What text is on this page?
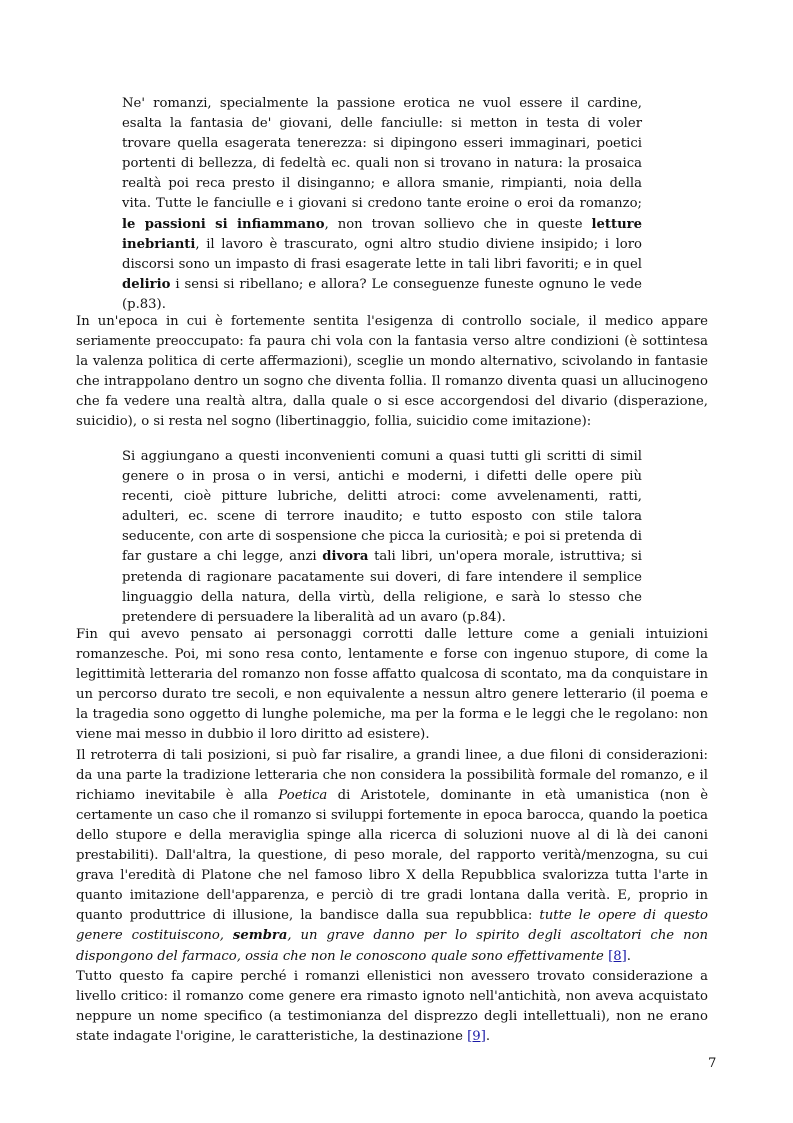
Ne' romanzi, specialmente la passione erotica ne vuol essere il cardine, esalta la fantasia de' giovani, delle fanciulle: si metton in testa di voler trovare quella esagerata tenerezza: si dipingono esseri immaginari, poetici portenti di bellezza, di fedeltà ec. quali non si trovano in natura: la prosaica realtà poi reca presto il disinganno; e allora smanie, rimpianti, noia della vita. Tutte le fanciulle e i giovani si credono tante eroine o eroi da romanzo; le passioni si infiammano, non trovan sollievo che in queste letture inebrianti, il lavoro è trascurato, ogni altro studio diviene insipido; i loro discorsi sono un impasto di frasi esagerate lette in tali libri favoriti; e in quel delirio i sensi si ribellano; e allora? Le conseguenze funeste ognuno le vede (p.83).

In un'epoca in cui è fortemente sentita l'esigenza di controllo sociale, il medico appare seriamente preoccupato: fa paura chi vola con la fantasia verso altre condizioni (è sottintesa la valenza politica di certe affermazioni), sceglie un mondo alternativo, scivolando in fantasie che intrappolano dentro un sogno che diventa follia. Il romanzo diventa quasi un allucinogeno che fa vedere una realtà altra, dalla quale o si esce accorgendosi del divario (disperazione, suicidio), o si resta nel sogno (libertinaggio, follia, suicidio come imitazione):

Si aggiungano a questi inconvenienti comuni a quasi tutti gli scritti di simil genere o in prosa o in versi, antichi e moderni, i difetti delle opere più recenti, cioè pitture lubriche, delitti atroci: come avvelenamenti, ratti, adulteri, ec. scene di terrore inaudito; e tutto esposto con stile talora seducente, con arte di sospensione che picca la curiosità; e poi si pretenda di far gustare a chi legge, anzi divora tali libri, un'opera morale, istruttiva; si pretenda di ragionare pacatamente sui doveri, di fare intendere il semplice linguaggio della natura, della virtù, della religione, e sarà lo stesso che pretendere di persuadere la liberalità ad un avaro (p.84).

Fin qui avevo pensato ai personaggi corrotti dalle letture come a geniali intuizioni romanzesche. Poi, mi sono resa conto, lentamente e forse con ingenuo stupore, di come la legittimità letteraria del romanzo non fosse affatto qualcosa di scontato, ma da conquistare in un percorso durato tre secoli, e non equivalente a nessun altro genere letterario (il poema e la tragedia sono oggetto di lunghe polemiche, ma per la forma e le leggi che le regolano: non viene mai messo in dubbio il loro diritto ad esistere).

Il retroterra di tali posizioni, si può far risalire, a grandi linee, a due filoni di considerazioni: da una parte la tradizione letteraria che non considera la possibilità formale del romanzo, e il richiamo inevitabile è alla Poetica di Aristotele, dominante in età umanistica (non è certamente un caso che il romanzo si sviluppi fortemente in epoca barocca, quando la poetica dello stupore e della meraviglia spinge alla ricerca di soluzioni nuove al di là dei canoni prestabiliti). Dall'altra, la questione, di peso morale, del rapporto verità/menzogna, su cui grava l'eredità di Platone che nel famoso libro X della Repubblica svalorizza tutta l'arte in quanto imitazione dell'apparenza, e perciò di tre gradi lontana dalla verità. E, proprio in quanto produttrice di illusione, la bandisce dalla sua repubblica: tutte le opere di questo genere costituiscono, sembra, un grave danno per lo spirito degli ascoltatori che non dispongono del farmaco, ossia che non le conoscono quale sono effettivamente [8].

Tutto questo fa capire perché i romanzi ellenistici non avessero trovato considerazione a livello critico: il romanzo come genere era rimasto ignoto nell'antichità, non aveva acquistato neppure un nome specifico (a testimonianza del disprezzo degli intellettuali), non ne erano state indagate l'origine, le caratteristiche, la destinazione [9].

7
